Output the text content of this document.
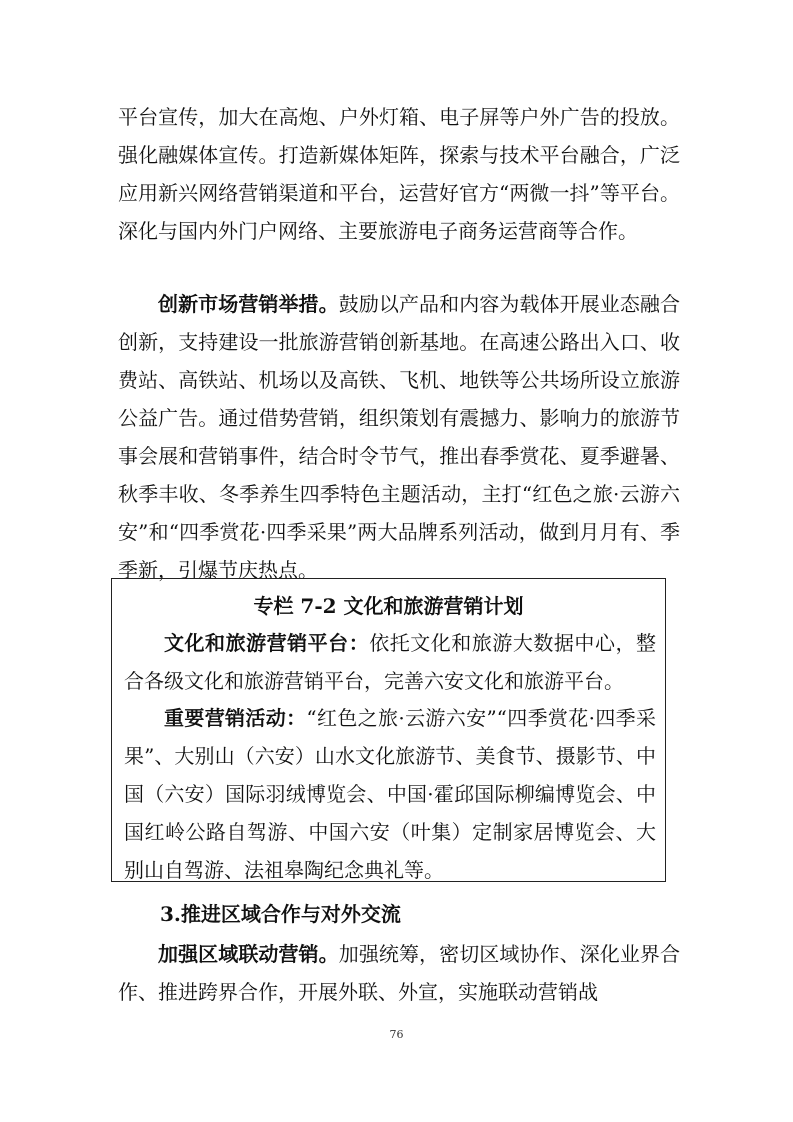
平台宣传，加大在高炮、户外灯箱、电子屏等户外广告的投放。强化融媒体宣传。打造新媒体矩阵，探索与技术平台融合，广泛应用新兴网络营销渠道和平台，运营好官方“两微一抖”等平台。深化与国内外门户网络、主要旅游电子商务运营商等合作。

创新市场营销举措。鼓励以产品和内容为载体开展业态融合创新，支持建设一批旅游营销创新基地。在高速公路出入口、收费站、高铁站、机场以及高铁、飞机、地铁等公共场所设立旅游公益广告。通过借势营销，组织策划有震撼力、影响力的旅游节事会展和营销事件，结合时令节气，推出春季赏花、夏季避暑、秋季丰收、冬季养生四季特色主题活动，主打“红色之旅·云游六安”和“四季赏花·四季采果”两大品牌系列活动，做到月月有、季季新，引爆节庆热点。

专栏 7-2 文化和旅游营销计划

文化和旅游营销平台：依托文化和旅游大数据中心，整合各级文化和旅游营销平台，完善六安文化和旅游平台。

重要营销活动：“红色之旅·云游六安”“四季赏花·四季采果”、大别山（六安）山水文化旅游节、美食节、摄影节、中国（六安）国际羽绒博览会、中国·霍邱国际柳编博览会、中国红岭公路自驾游、中国六安（叶集）定制家居博览会、大别山自驾游、法祖皋陶纪念典礼等。

3.推进区域合作与对外交流

加强区域联动营销。加强统筹，密切区域协作、深化业界合作、推进跨界合作，开展外联、外宣，实施联动营销战

76
